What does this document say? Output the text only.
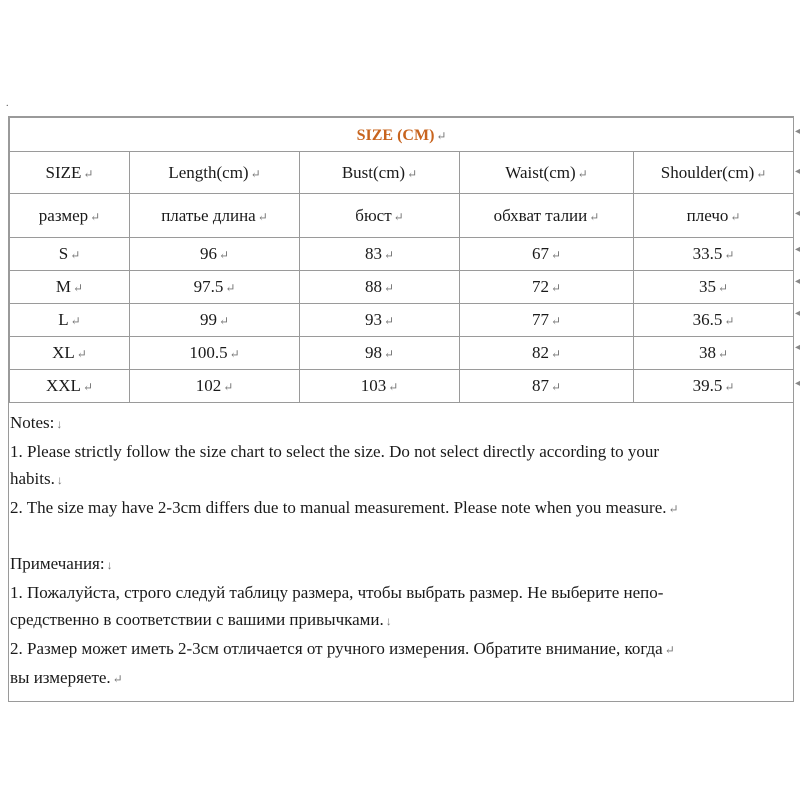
.
SIZE (CM) ↵				
SIZE ↵	Length(cm) ↵	Bust(cm) ↵	Waist(cm) ↵	Shoulder(cm) ↵
размер ↵	платье длина ↵	бюст ↵	обхват талии ↵	плечо ↵
S ↵	96 ↵	83 ↵	67 ↵	33.5 ↵
M ↵	97.5 ↵	88 ↵	72 ↵	35 ↵
L ↵	99 ↵	93 ↵	77 ↵	36.5 ↵
XL ↵	100.5 ↵	98 ↵	82 ↵	38 ↵
XXL ↵	102 ↵	103 ↵	87 ↵	39.5 ↵
Notes: ↓
1. Please strictly follow the size chart to select the size. Do not select directly according to your
habits. ↓
2. The size may have 2-3cm differs due to manual measurement. Please note when you measure. ↵
Примечания: ↓
1. Пожалуйста, строго следуй таблицу размера, чтобы выбрать размер. Не выберите непо-
средственно в соответствии с вашими привычками. ↓
2. Размер может иметь 2-3см отличается от ручного измерения. Обратите внимание, когда ↵
вы измеряете. ↵
◂
◂
◂
◂
◂
◂
◂
◂
